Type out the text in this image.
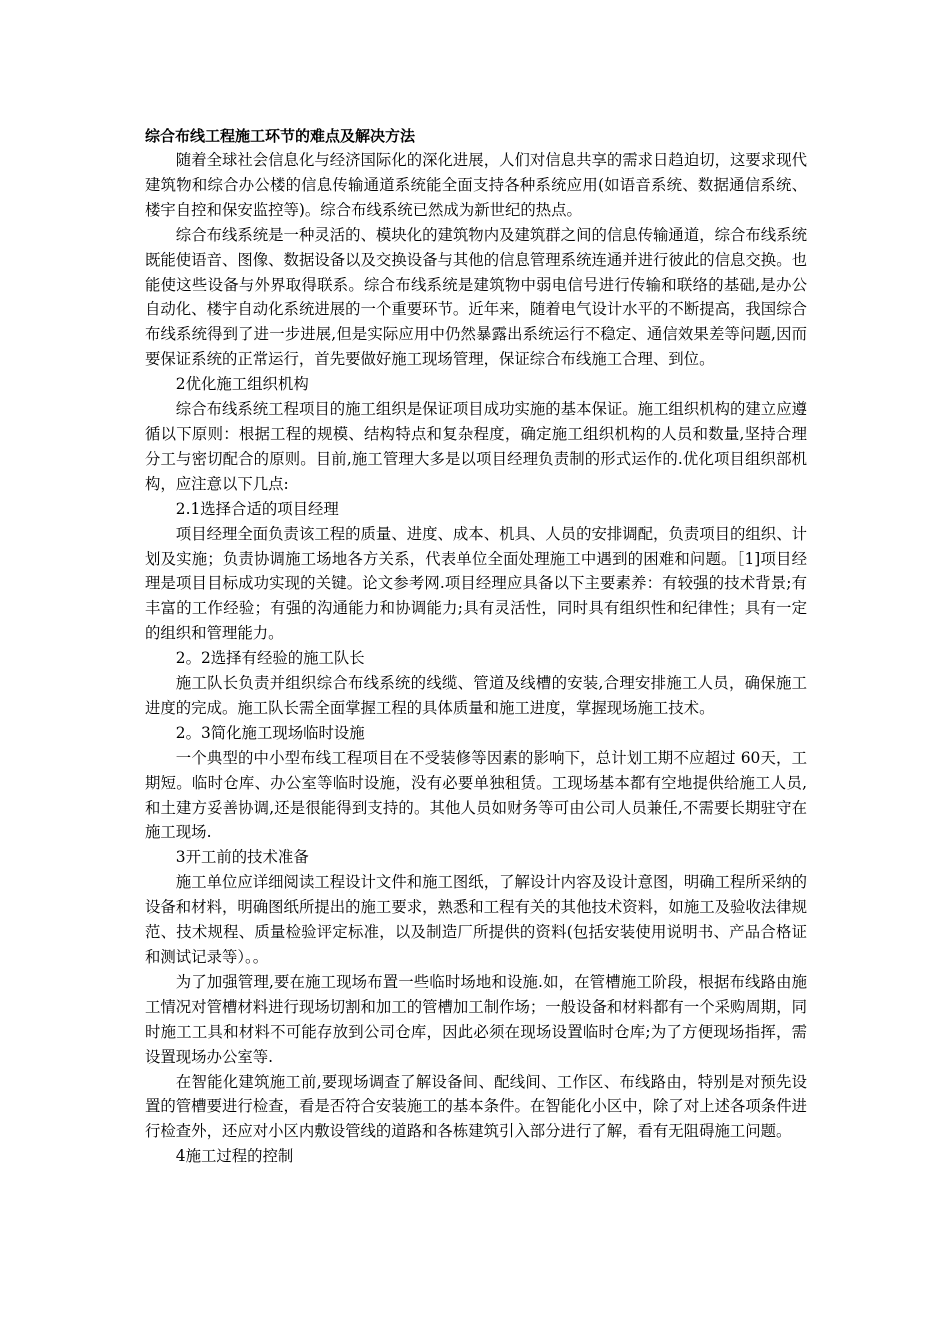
综合布线工程施工环节的难点及解决方法

随着全球社会信息化与经济国际化的深化进展，人们对信息共享的需求日趋迫切，这要求现代建筑物和综合办公楼的信息传输通道系统能全面支持各种系统应用(如语音系统、数据通信系统、楼宇自控和保安监控等)。综合布线系统已然成为新世纪的热点。

综合布线系统是一种灵活的、模块化的建筑物内及建筑群之间的信息传输通道，综合布线系统既能使语音、图像、数据设备以及交换设备与其他的信息管理系统连通并进行彼此的信息交换。也能使这些设备与外界取得联系。综合布线系统是建筑物中弱电信号进行传输和联络的基础,是办公自动化、楼宇自动化系统进展的一个重要环节。近年来，随着电气设计水平的不断提高，我国综合布线系统得到了进一步进展,但是实际应用中仍然暴露出系统运行不稳定、通信效果差等问题,因而要保证系统的正常运行，首先要做好施工现场管理，保证综合布线施工合理、到位。

2优化施工组织机构

综合布线系统工程项目的施工组织是保证项目成功实施的基本保证。施工组织机构的建立应遵循以下原则：根据工程的规模、结构特点和复杂程度，确定施工组织机构的人员和数量,坚持合理分工与密切配合的原则。目前,施工管理大多是以项目经理负责制的形式运作的.优化项目组织部机构，应注意以下几点:

2.1选择合适的项目经理

项目经理全面负责该工程的质量、进度、成本、机具、人员的安排调配，负责项目的组织、计划及实施；负责协调施工场地各方关系，代表单位全面处理施工中遇到的困难和问题。［1]项目经理是项目目标成功实现的关键。论文参考网.项目经理应具备以下主要素养：有较强的技术背景;有丰富的工作经验；有强的沟通能力和协调能力;具有灵活性，同时具有组织性和纪律性；具有一定的组织和管理能力。

2。2选择有经验的施工队长

施工队长负责并组织综合布线系统的线缆、管道及线槽的安装,合理安排施工人员，确保施工进度的完成。施工队长需全面掌握工程的具体质量和施工进度，掌握现场施工技术。

2。3简化施工现场临时设施

一个典型的中小型布线工程项目在不受装修等因素的影响下，总计划工期不应超过 60天，工期短。临时仓库、办公室等临时设施，没有必要单独租赁。工现场基本都有空地提供给施工人员,和土建方妥善协调,还是很能得到支持的。其他人员如财务等可由公司人员兼任,不需要长期驻守在施工现场.

3开工前的技术准备

施工单位应详细阅读工程设计文件和施工图纸，了解设计内容及设计意图，明确工程所采纳的设备和材料，明确图纸所提出的施工要求，熟悉和工程有关的其他技术资料，如施工及验收法律规范、技术规程、质量检验评定标准，以及制造厂所提供的资料(包括安装使用说明书、产品合格证和测试记录等）。。

为了加强管理,要在施工现场布置一些临时场地和设施.如，在管槽施工阶段，根据布线路由施工情况对管槽材料进行现场切割和加工的管槽加工制作场；一般设备和材料都有一个采购周期，同时施工工具和材料不可能存放到公司仓库，因此必须在现场设置临时仓库;为了方便现场指挥，需设置现场办公室等.

在智能化建筑施工前,要现场调查了解设备间、配线间、工作区、布线路由，特别是对预先设置的管槽要进行检查，看是否符合安装施工的基本条件。在智能化小区中，除了对上述各项条件进行检查外，还应对小区内敷设管线的道路和各栋建筑引入部分进行了解，看有无阻碍施工问题。

4施工过程的控制
